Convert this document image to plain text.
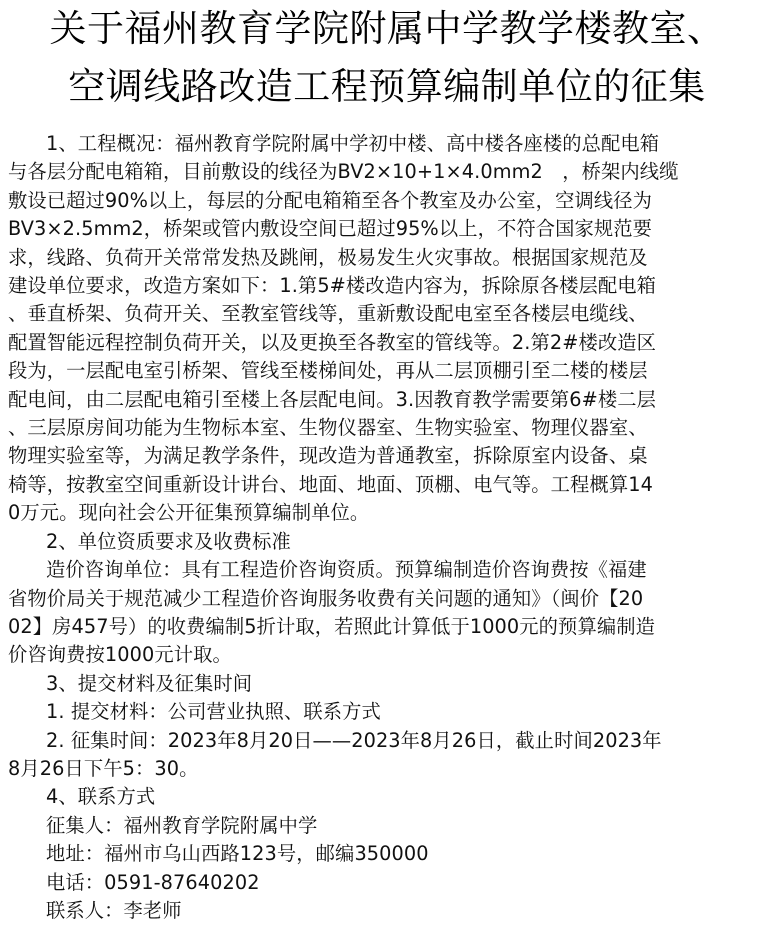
关于福州教育学院附属中学教学楼教室、
空调线路改造工程预算编制单位的征集
1、工程概况：福州教育学院附属中学初中楼、高中楼各座楼的总配电箱
与各层分配电箱箱，目前敷设的线径为BV2×10+1×4.0mm2　，桥架内线缆
敷设已超过90%以上，每层的分配电箱箱至各个教室及办公室，空调线径为
BV3×2.5mm2，桥架或管内敷设空间已超过95%以上，不符合国家规范要
求，线路、负荷开关常常发热及跳闸，极易发生火灾事故。根据国家规范及
建设单位要求，改造方案如下：1.第5#楼改造内容为，拆除原各楼层配电箱
、垂直桥架、负荷开关、至教室管线等，重新敷设配电室至各楼层电缆线、
配置智能远程控制负荷开关，以及更换至各教室的管线等。2.第2#楼改造区
段为，一层配电室引桥架、管线至楼梯间处，再从二层顶棚引至二楼的楼层
配电间，由二层配电箱引至楼上各层配电间。3.因教育教学需要第6#楼二层
、三层原房间功能为生物标本室、生物仪器室、生物实验室、物理仪器室、
物理实验室等，为满足教学条件，现改造为普通教室，拆除原室内设备、桌
椅等，按教室空间重新设计讲台、地面、地面、顶棚、电气等。工程概算14
0万元。现向社会公开征集预算编制单位。
2、单位资质要求及收费标准
造价咨询单位：具有工程造价咨询资质。预算编制造价咨询费按《福建
省物价局关于规范减少工程造价咨询服务收费有关问题的通知》（闽价【20
02】房457号）的收费编制5折计取，若照此计算低于1000元的预算编制造
价咨询费按1000元计取。
3、提交材料及征集时间
1. 提交材料：公司营业执照、联系方式
2. 征集时间：2023年8月20日——2023年8月26日，截止时间2023年
8月26日下午5：30。
4、联系方式
征集人：福州教育学院附属中学
地址：福州市乌山西路123号，邮编350000
电话：0591-87640202
联系人：李老师
